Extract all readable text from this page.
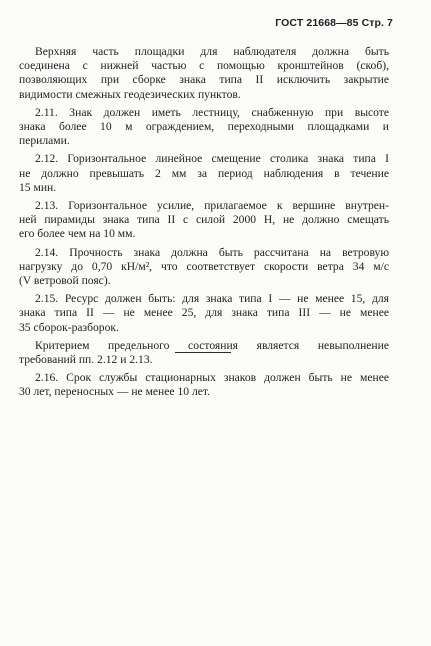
ГОСТ 21668—85 Стр. 7
Верхняя часть площадки для наблюдателя должна быть
соединена с нижней частью с помощью кронштейнов (скоб),
позволяющих при сборке знака типа II исключить закрытие
видимости смежных геодезических пунктов.
2.11. Знак должен иметь лестницу, снабженную при высоте
знака более 10 м ограждением, переходными площадками и
перилами.
2.12. Горизонтальное линейное смещение столика знака типа I
не должно превышать 2 мм за период наблюдения в течение
15 мин.
2.13. Горизонтальное усилие, прилагаемое к вершине внутрен-
ней пирамиды знака типа II с силой 2000 Н, не должно смещать
его более чем на 10 мм.
2.14. Прочность знака должна быть рассчитана на ветровую
нагрузку до 0,70 кН/м², что соответствует скорости ветра 34 м/с
(V ветровой пояс).
2.15. Ресурс должен быть: для знака типа I — не менее 15, для
знака типа II — не менее 25, для знака типа III — не менее
35 сборок-разборок.
Критерием предельного состояния является невыполнение
требований пп. 2.12 и 2.13.
2.16. Срок службы стационарных знаков должен быть не менее
30 лет, переносных — не менее 10 лет.
